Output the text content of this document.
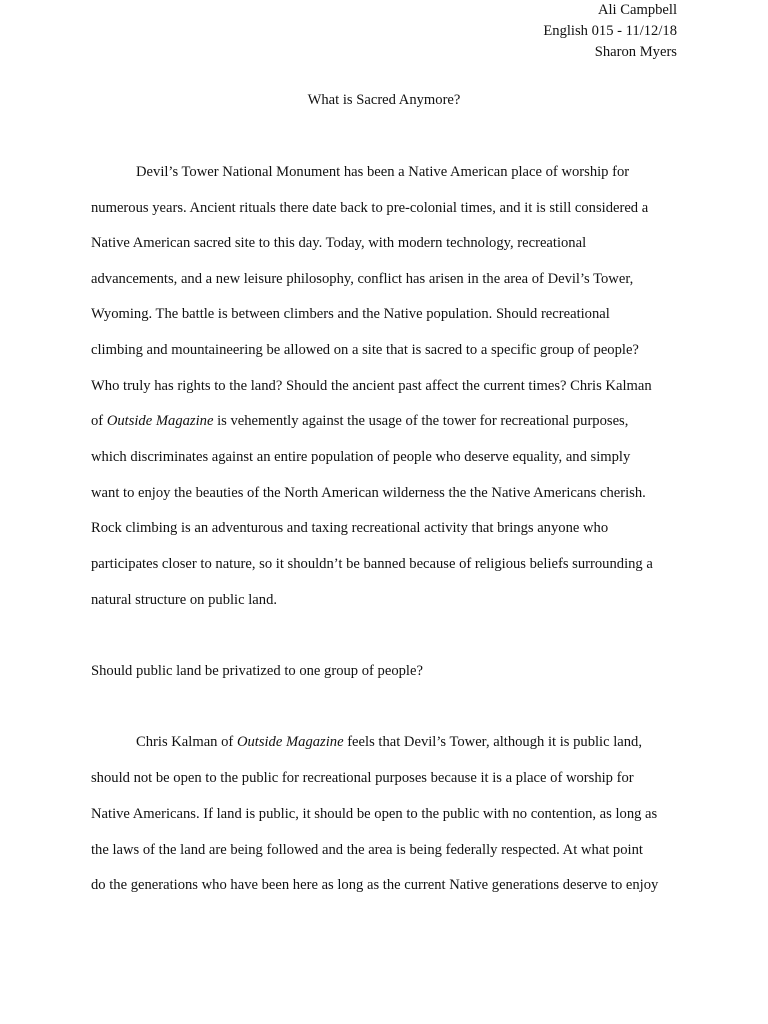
Ali Campbell
English 015 - 11/12/18
Sharon Myers
What is Sacred Anymore?
Devil’s Tower National Monument has been a Native American place of worship for
numerous years. Ancient rituals there date back to pre-colonial times, and it is still considered a
Native American sacred site to this day. Today, with modern technology, recreational
advancements, and a new leisure philosophy, conflict has arisen in the area of Devil’s Tower,
Wyoming. The battle is between climbers and the Native population. Should recreational
climbing and mountaineering be allowed on a site that is sacred to a specific group of people?
Who truly has rights to the land? Should the ancient past affect the current times? Chris Kalman
of Outside Magazine is vehemently against the usage of the tower for recreational purposes,
which discriminates against an entire population of people who deserve equality, and simply
want to enjoy the beauties of the North American wilderness the the Native Americans cherish.
Rock climbing is an adventurous and taxing recreational activity that brings anyone who
participates closer to nature, so it shouldn’t be banned because of religious beliefs surrounding a
natural structure on public land.
Should public land be privatized to one group of people?
Chris Kalman of Outside Magazine feels that Devil’s Tower, although it is public land,
should not be open to the public for recreational purposes because it is a place of worship for
Native Americans. If land is public, it should be open to the public with no contention, as long as
the laws of the land are being followed and the area is being federally respected. At what point
do the generations who have been here as long as the current Native generations deserve to enjoy
